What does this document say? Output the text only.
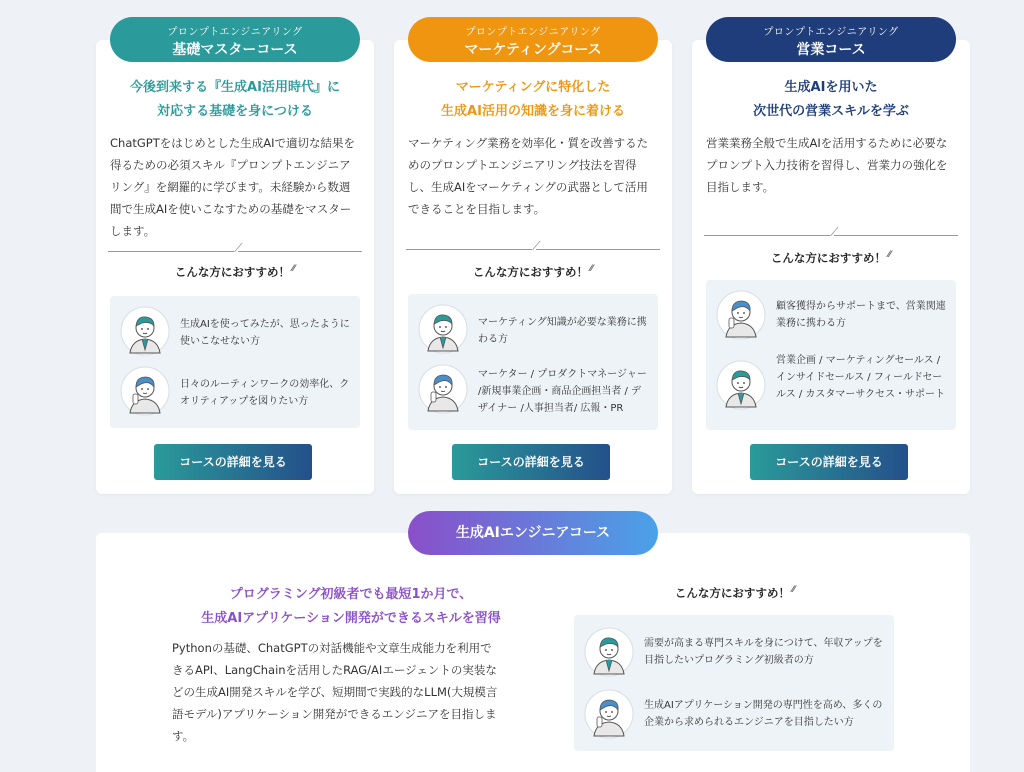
今後到来する『生成AI活用時代』に
対応する基礎を身につける
ChatGPTをはじめとした生成AIで適切な結果を得るための必須スキル『プロンプトエンジニアリング』を網羅的に学びます。未経験から数週間で生成AIを使いこなすための基礎をマスターします。
こんな方におすすめ！ ⁄⁄
生成AIを使ってみたが、思ったように使いこなせない方
日々のルーティンワークの効率化、クオリティアップを図りたい方
コースの詳細を見る
マーケティングに特化した
生成AI活用の知識を身に着ける
マーケティング業務を効率化・質を改善するためのプロンプトエンジニアリング技法を習得し、生成AIをマーケティングの武器として活用できることを目指します。
こんな方におすすめ！ ⁄⁄
マーケティング知識が必要な業務に携わる方
マーケター / プロダクトマネージャー /新規事業企画・商品企画担当者 / デザイナー /人事担当者/ 広報・PR
コースの詳細を見る
生成AIを用いた
次世代の営業スキルを学ぶ
営業業務全般で生成AIを活用するために必要なプロンプト入力技術を習得し、営業力の強化を目指します。
こんな方におすすめ！ ⁄⁄
顧客獲得からサポートまで、営業関連業務に携わる方
営業企画 / マーケティングセールス / インサイドセールス / フィールドセールス / カスタマーサクセス・サポート
コースの詳細を見る
プロンプトエンジニアリング
基礎マスターコース
プロンプトエンジニアリング
マーケティングコース
プロンプトエンジニアリング
営業コース
プログラミング初級者でも最短1か月で、
生成AIアプリケーション開発ができるスキルを習得
Pythonの基礎、ChatGPTの対話機能や文章生成能力を利用できるAPI、LangChainを活用したRAG/AIエージェントの実装などの生成AI開発スキルを学び、短期間で実践的なLLM(大規模言語モデル)アプリケーション開発ができるエンジニアを目指します。
こんな方におすすめ！ ⁄⁄
需要が高まる専門スキルを身につけて、年収アップを目指したいプログラミング初級者の方
生成AIアプリケーション開発の専門性を高め、多くの企業から求められるエンジニアを目指したい方
生成AIエンジニアコース
